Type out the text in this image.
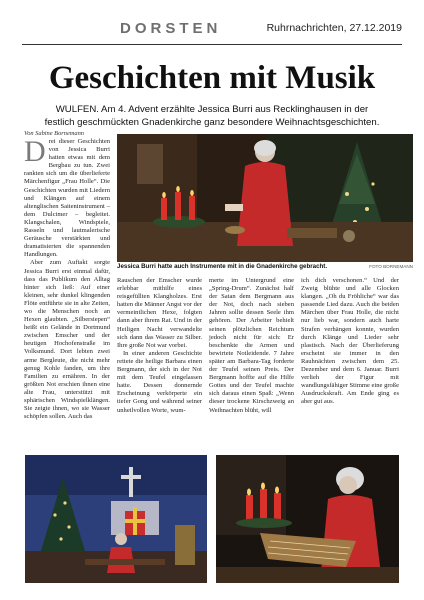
DORSTEN	Ruhrnachrichten, 27.12.2019
Geschichten mit Musik
WULFEN. Am 4. Advent erzählte Jessica Burri aus Recklinghausen in der festlich geschmückten Gnadenkirche ganz besondere Weihnachtsgeschichten.
Von Sabine Bornemann

Drei dieser Geschichten von Jessica Burri hatten etwas mit dem Bergbau zu tun. Zwei rankten sich um die überlieferte Märchenfigur „Frau Holle“. Die Geschichten wurden mit Liedern und Klängen auf einem altenglischen Saiteninstrument – dem Dulcimer – begleitet. Klangschalen, Windspiele, Rasseln und lautmalerische Geräusche verstärkten und dramatisierten die spannenden Handlungen.

Aber zum Auftakt sorgte Jessica Burri erst einmal dafür, dass das Publikum den Alltag hinter sich ließ: Auf einer kleinen, sehr dunkel klingenden Flöte entführte sie in alte Zeiten, wo die Menschen noch an Hexen glaubten. „Silbersiepen“ heißt ein Gelände in Dortmund zwischen Emscher und der heutigen Hochofenstraße im Volksmund. Dort lebten zwei arme Bergleute, die nicht mehr genug Kohle fanden, um ihre Familien zu ernähren. In der größten Not erschien ihnen eine alte Frau, unterstützt mit sphärischen Windspielklängen. Sie zeigte ihnen, wo sie Wasser schöpfen sollen. Auch das

Jessica Burri hatte auch Instrumente mit in die Gnadenkirche gebracht.	FOTO BORNEMANN

Rauschen der Emscher wurde erlebbar mithilfe eines reisgefüllten Klangholzes. Erst hatten die Männer Angst vor der vermeintlichen Hexe, folgten dann aber ihrem Rat. Und in der Heiligen Nacht verwandelte sich dann das Wasser zu Silber. Ihre große Not war vorbei.

In einer anderen Geschichte rettete die heilige Barbara einen Bergmann, der sich in der Not mit dem Teufel eingelassen hatte. Dessen donnernde Erscheinung verkörperte ein tiefer Gong und während seiner unheilvollen Worte, wum-

merte im Untergrund eine „Spring-Drum“. Zunächst half der Satan dem Bergmann aus der Not, doch nach sieben Jahren sollte dessen Seele ihm gehören. Der Arbeiter behielt seinen plötzlichen Reichtum jedoch nicht für sich: Er beschenkte die Armen und bewirtete Notleidende. 7 Jahre später am Barbara-Tag forderte der Teufel seinen Preis. Der Bergmann hoffte auf die Hilfe Gottes und der Teufel machte sich daraus einen Spaß: „Wenn dieser trockene Kirschzweig an Weihnachten blüht, will

ich dich verschonen.“ Und der Zweig blühte und alle Glocken klangen. „Oh du Fröhliche“ war das passende Lied dazu. Auch die beiden Märchen über Frau Holle, die nicht nur lieb war, sondern auch harte Strafen verhängen konnte, wurden durch Klänge und Lieder sehr plastisch. Nach der Überlieferung erscheint sie immer in den Rauhnächten zwischen dem 25. Dezember und dem 6. Januar. Burri verlieh der Figur mit wandlungsfähiger Stimme eine große Ausdruckskraft. Am Ende ging es aber gut aus.
